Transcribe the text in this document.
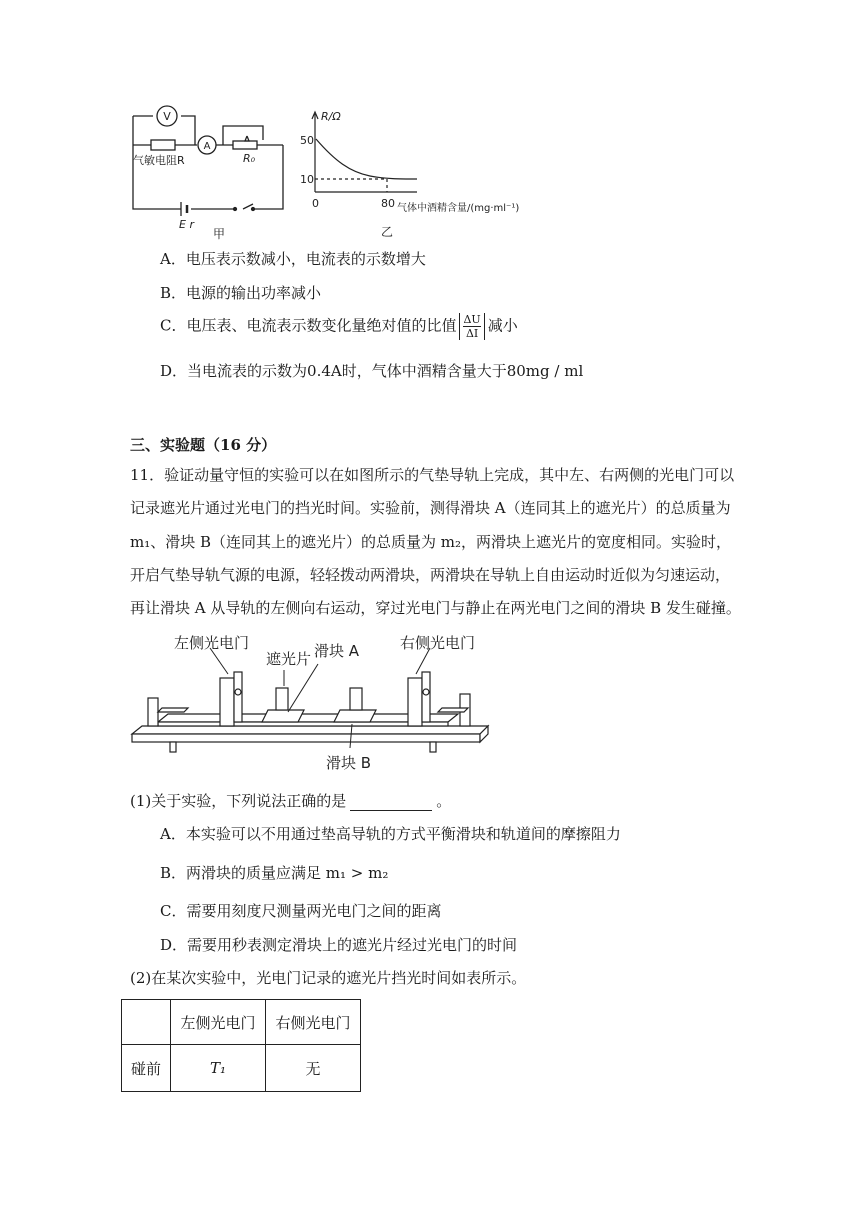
V
A
气敏电阻R	R₀
E r
甲
R/Ω
50
10
0	80 气体中酒精含量/(mg·ml⁻¹)
乙
A．电压表示数减小，电流表的示数增大
B．电源的输出功率减小
C．电压表、电流表示数变化量绝对值的比值 $\frac{\Delta U}{\Delta I}$ 减小
D．当电流表的示数为0.4A时，气体中酒精含量大于80mg / ml
三、实验题（16 分）
11．验证动量守恒的实验可以在如图所示的气垫导轨上完成，其中左、右两侧的光电门可以
记录遮光片通过光电门的挡光时间。实验前，测得滑块 A（连同其上的遮光片）的总质量为
m₁、滑块 B（连同其上的遮光片）的总质量为 m₂，两滑块上遮光片的宽度相同。实验时，
开启气垫导轨气源的电源，轻轻拨动两滑块，两滑块在导轨上自由运动时近似为匀速运动，
再让滑块 A 从导轨的左侧向右运动，穿过光电门与静止在两光电门之间的滑块 B 发生碰撞。
左侧光电门
遮光片 滑块 A	右侧光电门
滑块 B
(1)关于实验，下列说法正确的是	。
A．本实验可以不用通过垫高导轨的方式平衡滑块和轨道间的摩擦阻力
B．两滑块的质量应满足 m₁ > m₂
C．需要用刻度尺测量两光电门之间的距离
D．需要用秒表测定滑块上的遮光片经过光电门的时间
(2)在某次实验中，光电门记录的遮光片挡光时间如表所示。
	左侧光电门	右侧光电门
碰前	T₁	无
